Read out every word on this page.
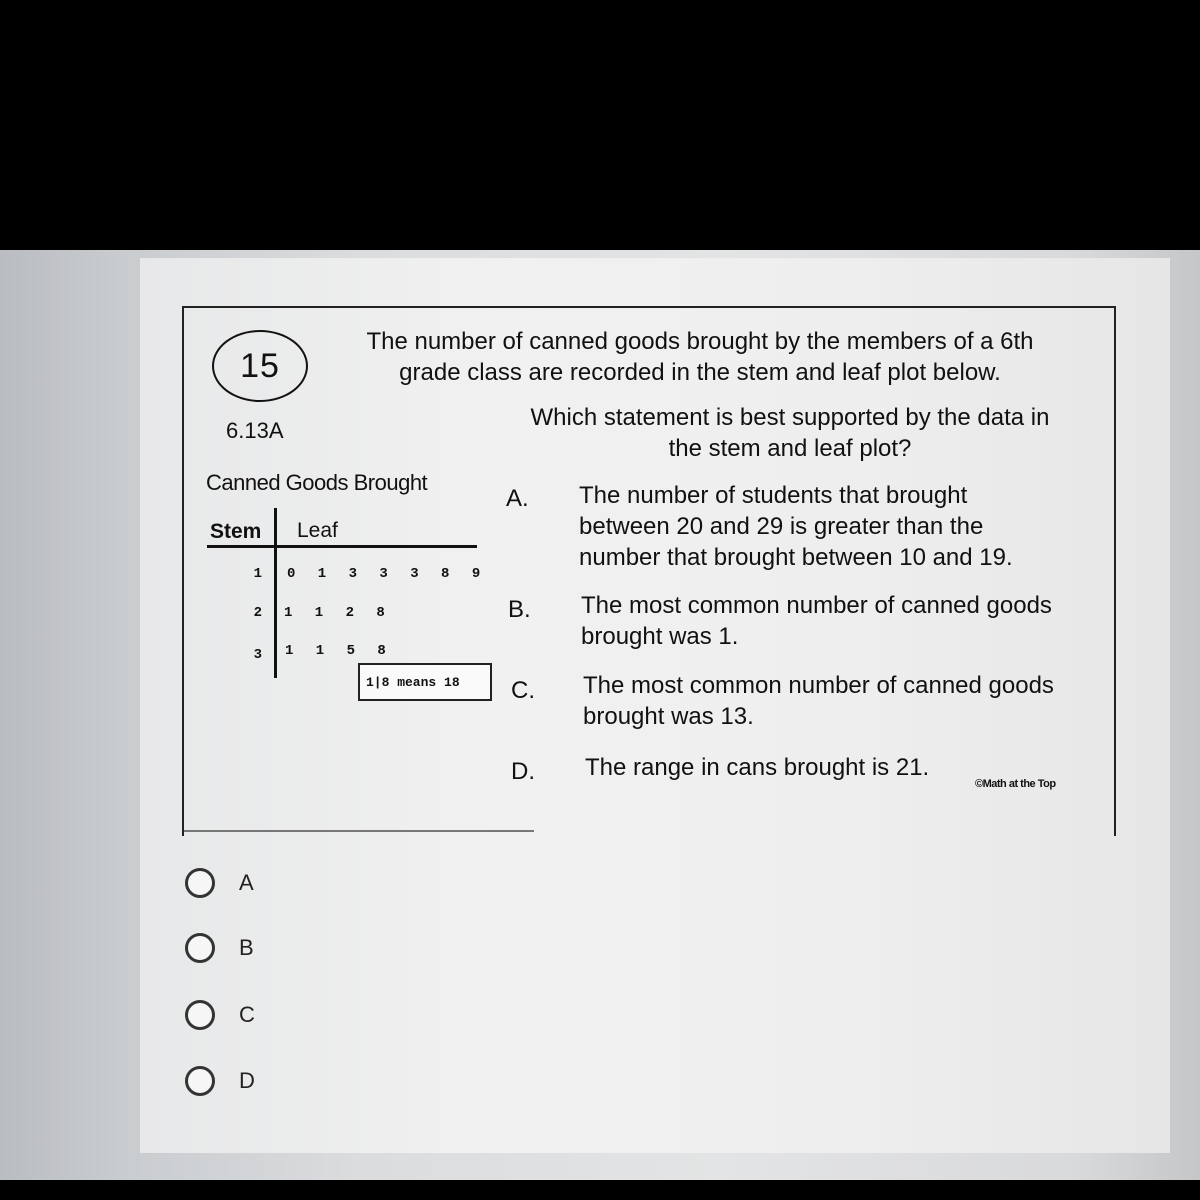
15
6.13A
The number of canned goods brought by the members of a 6th
grade class are recorded in the stem and leaf plot below.
Which statement is best supported by the data in
the stem and leaf plot?
Canned Goods Brought
Stem Leaf
1 0 1 3 3 3 8 9
2 1 1 2 8
3 1 1 5 8
1|8 means 18
A. The number of students that brought
between 20 and 29 is greater than the
number that brought between 10 and 19.
B. The most common number of canned goods
brought was 1.
C. The most common number of canned goods
brought was 13.
D. The range in cans brought is 21.
©Math at the Top
A
B
C
D
